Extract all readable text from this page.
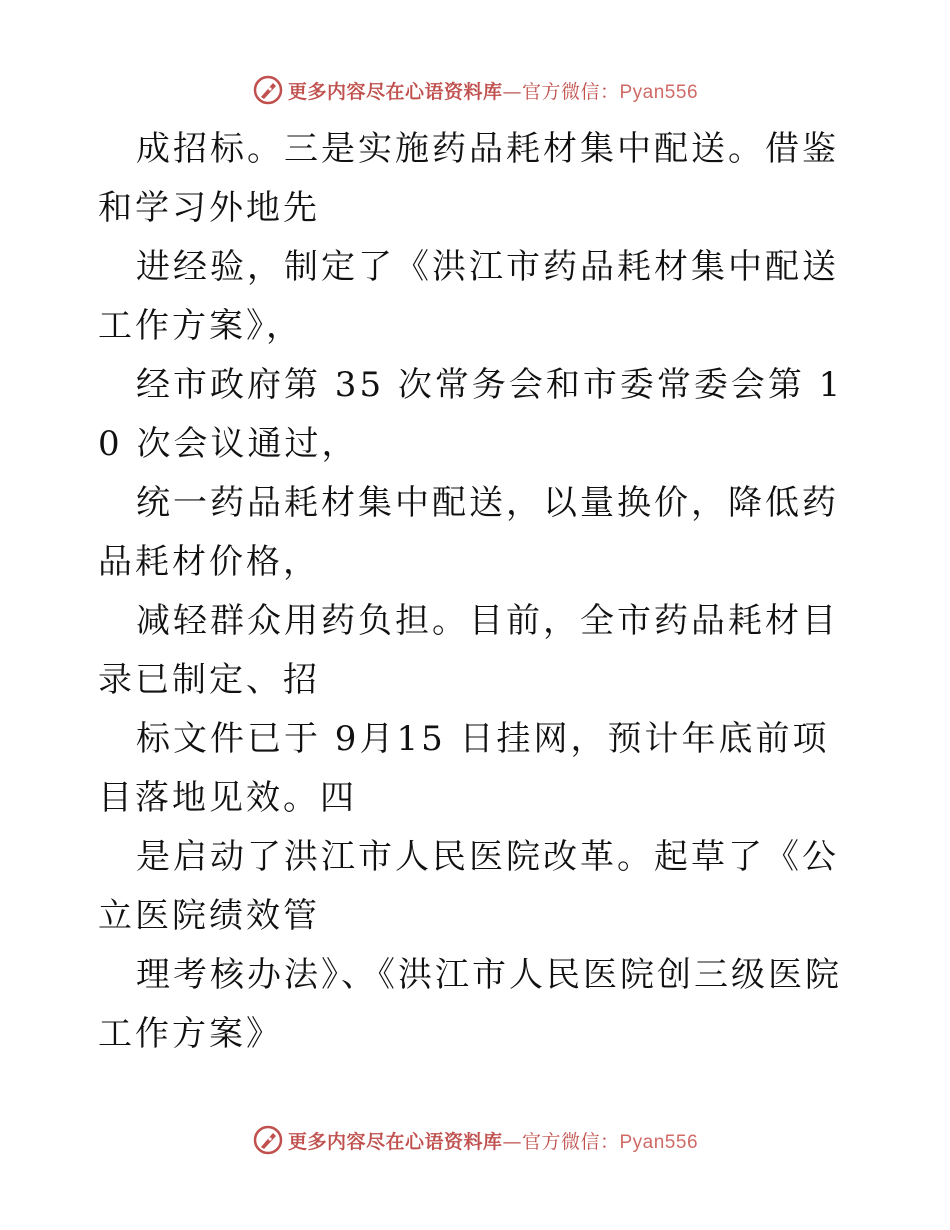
更多内容尽在心语资料库—官方微信：Pyan556

成招标。三是实施药品耗材集中配送。借鉴和学习外地先

进经验，制定了《洪江市药品耗材集中配送工作方案》，

经市政府第 35 次常务会和市委常委会第 10 次会议通过，

统一药品耗材集中配送，以量换价，降低药品耗材价格，

减轻群众用药负担。目前，全市药品耗材目录已制定、招

标文件已于 9月15 日挂网，预计年底前项目落地见效。四

是启动了洪江市人民医院改革。起草了《公立医院绩效管

理考核办法》、《洪江市人民医院创三级医院工作方案》

更多内容尽在心语资料库—官方微信：Pyan556
